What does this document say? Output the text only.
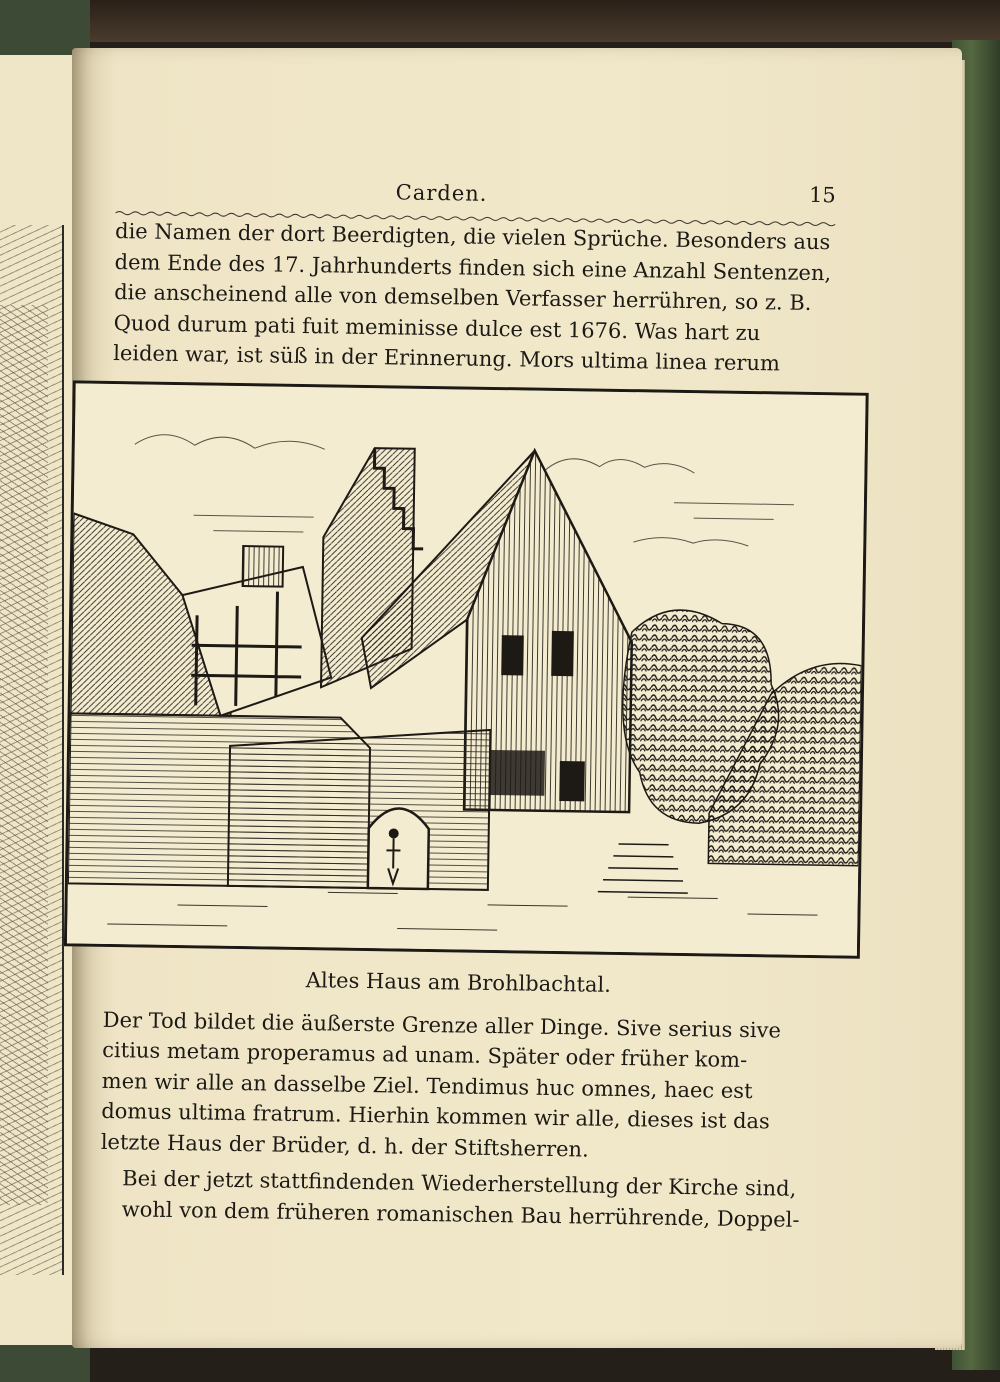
Carden.	15

die Namen der dort Beerdigten, die vielen Sprüche. Besonders aus
dem Ende des 17. Jahrhunderts finden sich eine Anzahl Sentenzen,
die anscheinend alle von demselben Verfasser herrühren, so z. B.
Quod durum pati fuit meminisse dulce est 1676. Was hart zu
leiden war, ist süß in der Erinnerung. Mors ultima linea rerum

Altes Haus am Brohlbachtal.

Der Tod bildet die äußerste Grenze aller Dinge. Sive serius sive
citius metam properamus ad unam. Später oder früher kom-
men wir alle an dasselbe Ziel. Tendimus huc omnes, haec est
domus ultima fratrum. Hierhin kommen wir alle, dieses ist das
letzte Haus der Brüder, d. h. der Stiftsherren.

Bei der jetzt stattfindenden Wiederherstellung der Kirche sind,
wohl von dem früheren romanischen Bau herrührende, Doppel-
